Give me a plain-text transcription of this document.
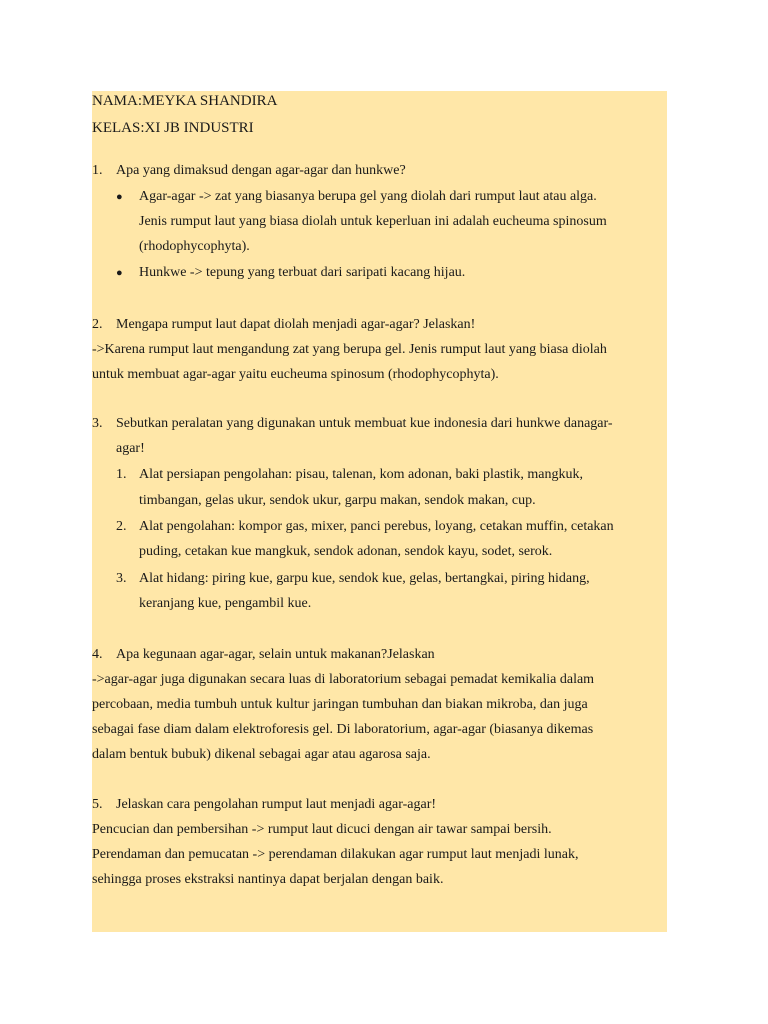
NAMA:MEYKA SHANDIRA
KELAS:XI JB INDUSTRI
1. Apa yang dimaksud dengan agar-agar dan hunkwe?
● Agar-agar -> zat yang biasanya berupa gel yang diolah dari rumput laut atau alga.
Jenis rumput laut yang biasa diolah untuk keperluan ini adalah eucheuma spinosum
(rhodophycophyta).
● Hunkwe -> tepung yang terbuat dari saripati kacang hijau.
2. Mengapa rumput laut dapat diolah menjadi agar-agar? Jelaskan!
->Karena rumput laut mengandung zat yang berupa gel. Jenis rumput laut yang biasa diolah
untuk membuat agar-agar yaitu eucheuma spinosum (rhodophycophyta).
3. Sebutkan peralatan yang digunakan untuk membuat kue indonesia dari hunkwe danagar-
agar!
1. Alat persiapan pengolahan: pisau, talenan, kom adonan, baki plastik, mangkuk,
timbangan, gelas ukur, sendok ukur, garpu makan, sendok makan, cup.
2. Alat pengolahan: kompor gas, mixer, panci perebus, loyang, cetakan muffin, cetakan
puding, cetakan kue mangkuk, sendok adonan, sendok kayu, sodet, serok.
3. Alat hidang: piring kue, garpu kue, sendok kue, gelas, bertangkai, piring hidang,
keranjang kue, pengambil kue.
4. Apa kegunaan agar-agar, selain untuk makanan?Jelaskan
->agar-agar juga digunakan secara luas di laboratorium sebagai pemadat kemikalia dalam
percobaan, media tumbuh untuk kultur jaringan tumbuhan dan biakan mikroba, dan juga
sebagai fase diam dalam elektroforesis gel. Di laboratorium, agar-agar (biasanya dikemas
dalam bentuk bubuk) dikenal sebagai agar atau agarosa saja.
5. Jelaskan cara pengolahan rumput laut menjadi agar-agar!
Pencucian dan pembersihan -> rumput laut dicuci dengan air tawar sampai bersih.
Perendaman dan pemucatan -> perendaman dilakukan agar rumput laut menjadi lunak,
sehingga proses ekstraksi nantinya dapat berjalan dengan baik.
